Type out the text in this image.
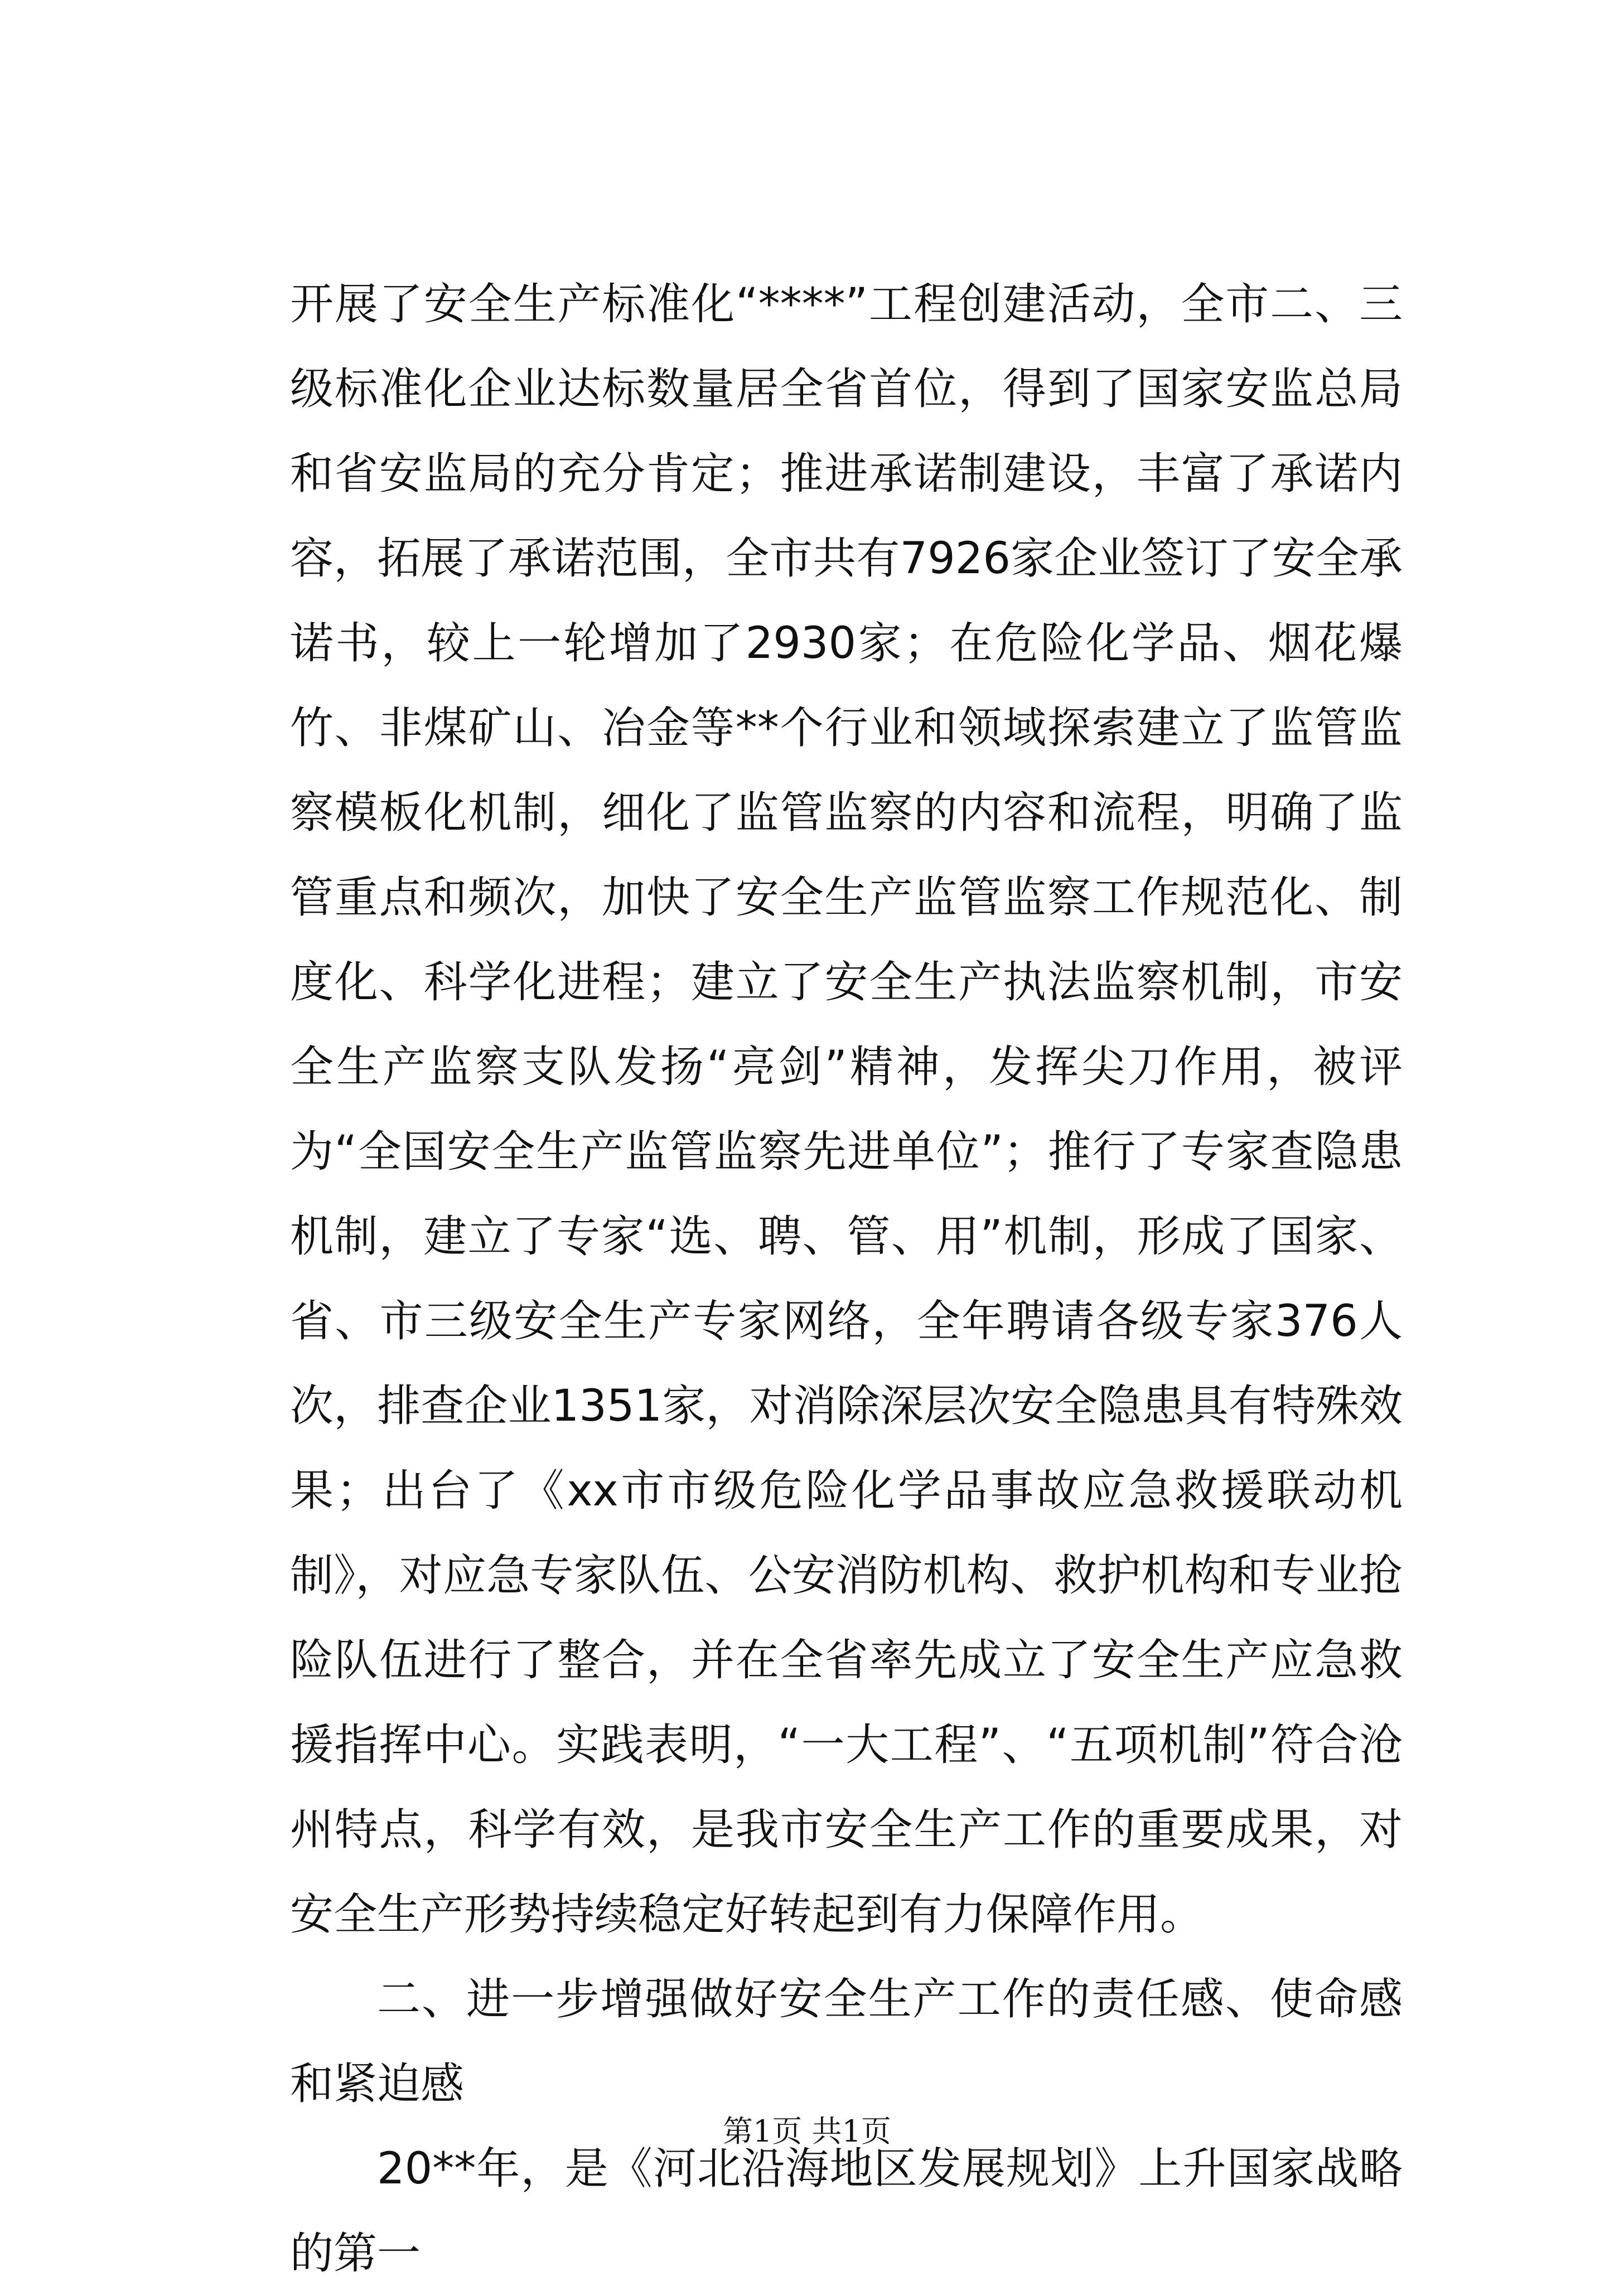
开展了安全生产标准化“****”工程创建活动，全市二、三级标准化企业达标数量居全省首位，得到了国家安监总局和省安监局的充分肯定；推进承诺制建设，丰富了承诺内容，拓展了承诺范围，全市共有7926家企业签订了安全承诺书，较上一轮增加了2930家；在危险化学品、烟花爆竹、非煤矿山、冶金等**个行业和领域探索建立了监管监察模板化机制，细化了监管监察的内容和流程，明确了监管重点和频次，加快了安全生产监管监察工作规范化、制度化、科学化进程；建立了安全生产执法监察机制，市安全生产监察支队发扬“亮剑”精神，发挥尖刀作用，被评为“全国安全生产监管监察先进单位”；推行了专家查隐患机制，建立了专家“选、聘、管、用”机制，形成了国家、省、市三级安全生产专家网络，全年聘请各级专家376人次，排查企业1351家，对消除深层次安全隐患具有特殊效果；出台了《xx市市级危险化学品事故应急救援联动机制》，对应急专家队伍、公安消防机构、救护机构和专业抢险队伍进行了整合，并在全省率先成立了安全生产应急救援指挥中心。实践表明，“一大工程”、“五项机制”符合沧州特点，科学有效，是我市安全生产工作的重要成果，对安全生产形势持续稳定好转起到有力保障作用。

二、进一步增强做好安全生产工作的责任感、使命感和紧迫感

20**年，是《河北沿海地区发展规划》上升国家战略的第一

第1页 共1页
